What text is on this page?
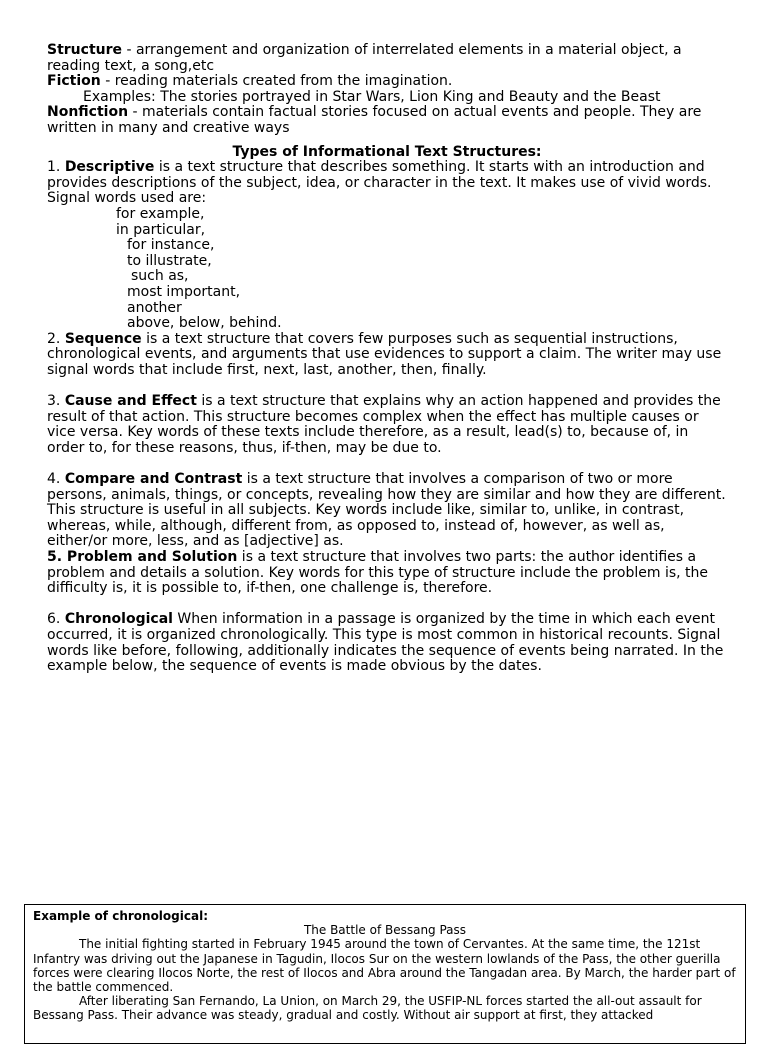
Structure - arrangement and organization of interrelated elements in a material object, a reading text, a song,etc

Fiction - reading materials created from the imagination.

Examples: The stories portrayed in Star Wars, Lion King and Beauty and the Beast

Nonfiction - materials contain factual stories focused on actual events and people. They are written in many and creative ways

Types of Informational Text Structures:

1. Descriptive is a text structure that describes something. It starts with an introduction and provides descriptions of the subject, idea, or character in the text. It makes use of vivid words. Signal words used are:

for example,
in particular,
for instance,
to illustrate,
such as,
most important,
another
above, below, behind.

2. Sequence is a text structure that covers few purposes such as sequential instructions, chronological events, and arguments that use evidences to support a claim. The writer may use signal words that include first, next, last, another, then, finally.

3. Cause and Effect is a text structure that explains why an action happened and provides the result of that action. This structure becomes complex when the effect has multiple causes or vice versa. Key words of these texts include therefore, as a result, lead(s) to, because of, in order to, for these reasons, thus, if-then, may be due to.

4. Compare and Contrast is a text structure that involves a comparison of two or more persons, animals, things, or concepts, revealing how they are similar and how they are different. This structure is useful in all subjects. Key words include like, similar to, unlike, in contrast, whereas, while, although, different from, as opposed to, instead of, however, as well as, either/or more, less, and as [adjective] as.

5. Problem and Solution is a text structure that involves two parts: the author identifies a problem and details a solution. Key words for this type of structure include the problem is, the difficulty is, it is possible to, if-then, one challenge is, therefore.

6. Chronological When information in a passage is organized by the time in which each event occurred, it is organized chronologically. This type is most common in historical recounts. Signal words like before, following, additionally indicates the sequence of events being narrated. In the example below, the sequence of events is made obvious by the dates.

Example of chronological:

The Battle of Bessang Pass

The initial fighting started in February 1945 around the town of Cervantes. At the same time, the 121st Infantry was driving out the Japanese in Tagudin, Ilocos Sur on the western lowlands of the Pass, the other guerilla forces were clearing Ilocos Norte, the rest of Ilocos and Abra around the Tangadan area. By March, the harder part of the battle commenced.

After liberating San Fernando, La Union, on March 29, the USFIP-NL forces started the all-out assault for Bessang Pass. Their advance was steady, gradual and costly. Without air support at first, they attacked
